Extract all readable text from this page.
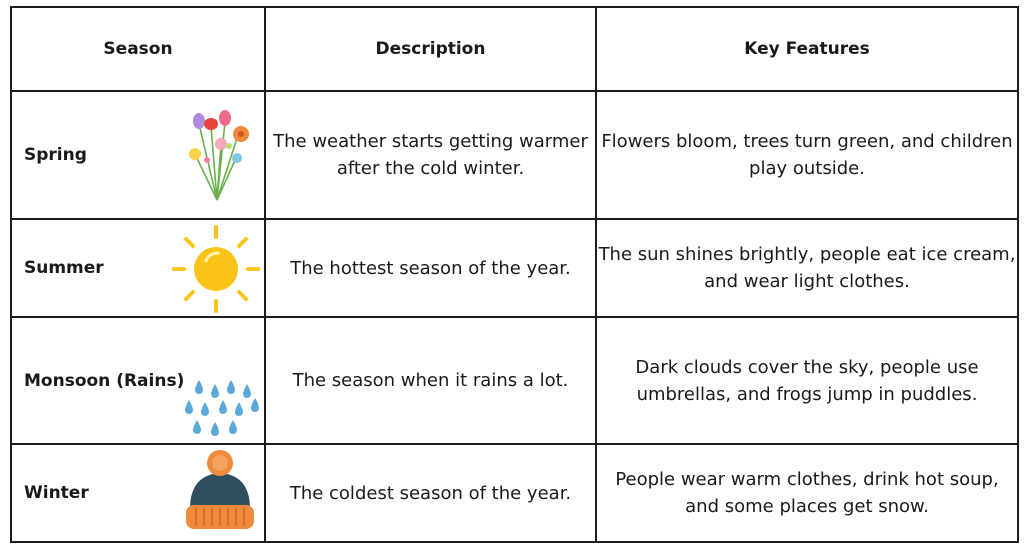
Season	Description	Key Features

Spring	The weather starts getting warmer after the cold winter.	Flowers bloom, trees turn green, and children play outside.

Summer	The hottest season of the year.	The sun shines brightly, people eat ice cream, and wear light clothes.

Monsoon (Rains)	The season when it rains a lot.	Dark clouds cover the sky, people use umbrellas, and frogs jump in puddles.

Winter	The coldest season of the year.	People wear warm clothes, drink hot soup, and some places get snow.
